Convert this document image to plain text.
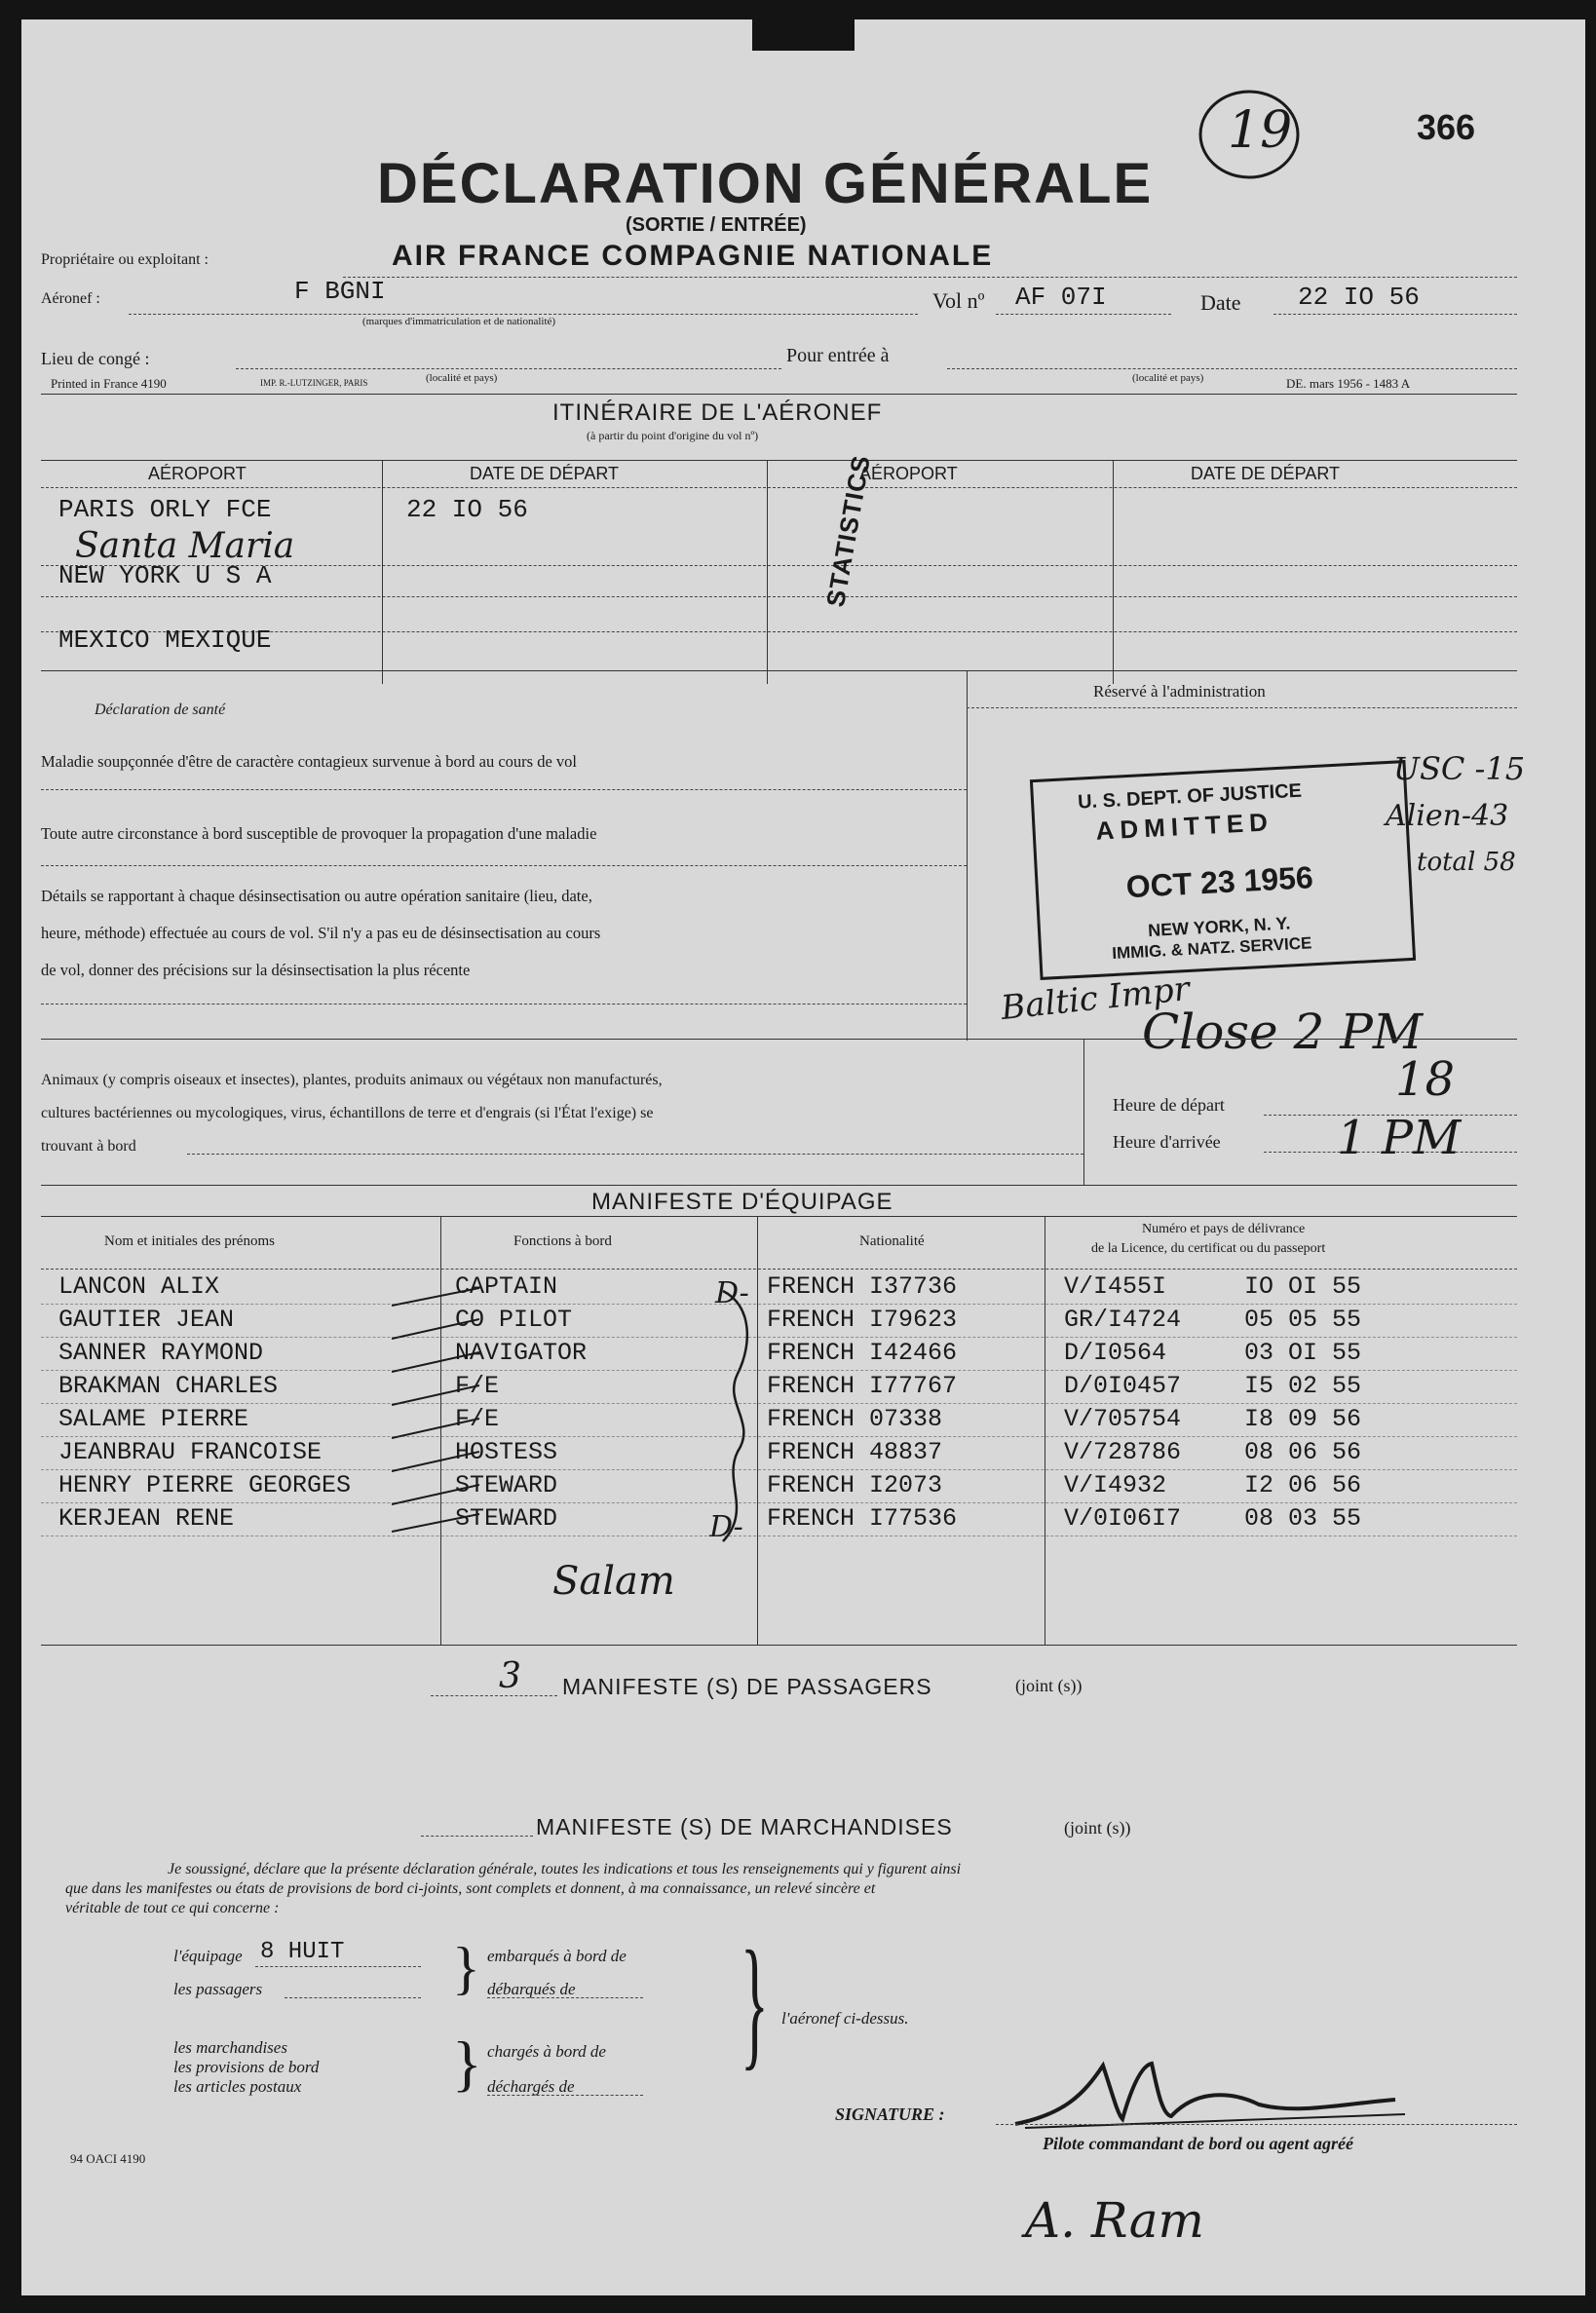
366
19
DÉCLARATION GÉNÉRALE
(SORTIE / ENTRÉE)
Propriétaire ou exploitant :	AIR FRANCE COMPAGNIE NATIONALE
Aéronef :	F BGNI
(marques d'immatriculation et de nationalité)
Vol nº AF 07I	Date 22 IO 56
Lieu de congé :
(localité et pays)
Pour entrée à
(localité et pays)
Printed in France 4190	IMP. R.-LUTZINGER, PARIS	DE. mars 1956 - 1483 A
ITINÉRAIRE DE L'AÉRONEF
(à partir du point d'origine du vol nº)
AÉROPORT	DATE DE DÉPART	AÉROPORT	DATE DE DÉPART
PARIS ORLY FCE	22 IO 56
Santa Maria
NEW YORK U S A
MEXICO MEXIQUE
STATISTICS
Déclaration de santé
Maladie soupçonnée d'être de caractère contagieux survenue à bord au cours de vol
Toute autre circonstance à bord susceptible de provoquer la propagation d'une maladie
Détails se rapportant à chaque désinsectisation ou autre opération sanitaire (lieu, date,
heure, méthode) effectuée au cours de vol. S'il n'y a pas eu de désinsectisation au cours
de vol, donner des précisions sur la désinsectisation la plus récente
Réservé à l'administration
U. S. DEPT. OF JUSTICE
ADMITTED
OCT 23 1956
NEW YORK, N. Y.
IMMIG. & NATZ. SERVICE
USC -15
Alien-43
total 58
Baltic Impr
Close 2 PM
Animaux (y compris oiseaux et insectes), plantes, produits animaux ou végétaux non manufacturés,
cultures bactériennes ou mycologiques, virus, échantillons de terre et d'engrais (si l'État l'exige) se
trouvant à bord
Heure de départ	18
Heure d'arrivée 1 PM
MANIFESTE D'ÉQUIPAGE
Nom et initiales des prénoms	Fonctions à bord	Nationalité
Numéro et pays de délivrance
de la Licence, du certificat ou du passeport
D-
D-
Salam
3 MANIFESTE (S) DE PASSAGERS	(joint (s))
MANIFESTE (S) DE MARCHANDISES	(joint (s))
Je soussigné, déclare que la présente déclaration générale, toutes les indications et tous les renseignements qui y figurent ainsi
que dans les manifestes ou états de provisions de bord ci-joints, sont complets et donnent, à ma connaissance, un relevé sincère et
véritable de tout ce qui concerne :
l'équipage 8 HUIT
les passagers	} embarqués à bord de
débarqués de } l'aéronef ci-dessus.
les marchandises
les provisions de bord
les articles postaux } chargés à bord de
déchargés de
SIGNATURE :
Pilote commandant de bord ou agent agréé
A. Ram
94 OACI 4190
LANCON ALIX	CAPTAIN	FRENCH I37736	V/I455I	IO OI 55
GAUTIER JEAN	CO PILOT	FRENCH I79623	GR/I4724	05 05 55
SANNER RAYMOND	NAVIGATOR	FRENCH I42466	D/I0564	03 OI 55
BRAKMAN CHARLES	F/E	FRENCH I77767	D/0I0457	I5 02 55
SALAME PIERRE	F/E	FRENCH 07338	V/705754	I8 09 56
JEANBRAU FRANCOISE	HOSTESS	FRENCH 48837	V/728786	08 06 56
HENRY PIERRE GEORGES	STEWARD	FRENCH I2073	V/I4932	I2 06 56
KERJEAN RENE	STEWARD	FRENCH I77536	V/0I06I7	08 03 55
